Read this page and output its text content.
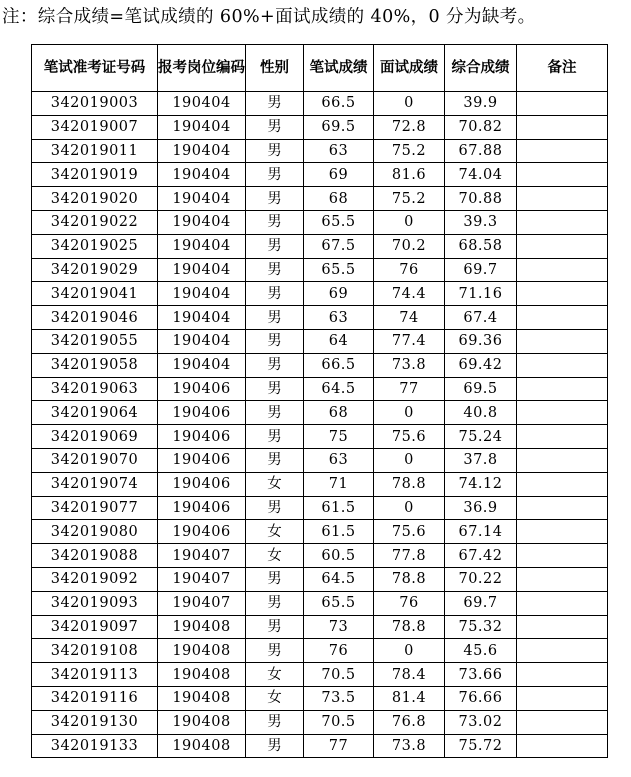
注：综合成绩=笔试成绩的 60%+面试成绩的 40%，0 分为缺考。
笔试准考证号码	报考岗位编码	性别	笔试成绩	面试成绩	综合成绩	备注
342019003	190404	男	66.5	0	39.9	
342019007	190404	男	69.5	72.8	70.82	
342019011	190404	男	63	75.2	67.88	
342019019	190404	男	69	81.6	74.04	
342019020	190404	男	68	75.2	70.88	
342019022	190404	男	65.5	0	39.3	
342019025	190404	男	67.5	70.2	68.58	
342019029	190404	男	65.5	76	69.7	
342019041	190404	男	69	74.4	71.16	
342019046	190404	男	63	74	67.4	
342019055	190404	男	64	77.4	69.36	
342019058	190404	男	66.5	73.8	69.42	
342019063	190406	男	64.5	77	69.5	
342019064	190406	男	68	0	40.8	
342019069	190406	男	75	75.6	75.24	
342019070	190406	男	63	0	37.8	
342019074	190406	女	71	78.8	74.12	
342019077	190406	男	61.5	0	36.9	
342019080	190406	女	61.5	75.6	67.14	
342019088	190407	女	60.5	77.8	67.42	
342019092	190407	男	64.5	78.8	70.22	
342019093	190407	男	65.5	76	69.7	
342019097	190408	男	73	78.8	75.32	
342019108	190408	男	76	0	45.6	
342019113	190408	女	70.5	78.4	73.66	
342019116	190408	女	73.5	81.4	76.66	
342019130	190408	男	70.5	76.8	73.02	
342019133	190408	男	77	73.8	75.72	
